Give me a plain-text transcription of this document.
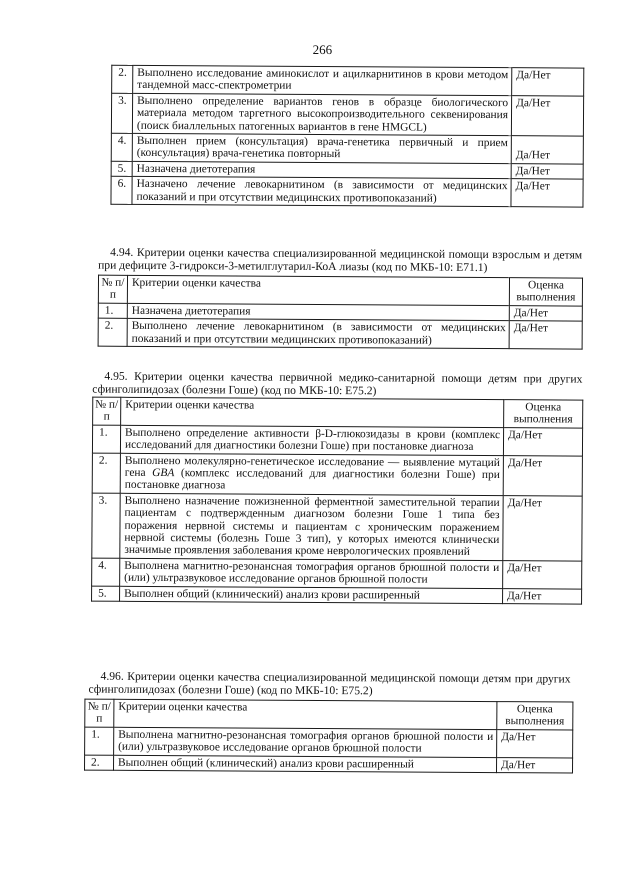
266
2.	Выполнено исследование аминокислот и ацилкарнитинов в крови методом тандемной масс-спектрометрии	Да/Нет
3.	Выполнено определение вариантов генов в образце биологического материала методом таргетного высокопроизводительного секвенирования (поиск биаллельных патогенных вариантов в гене HMGCL)	Да/Нет
4.	Выполнен прием (консультация) врача-генетика первичный и прием (консультация) врача-генетика повторный	Да/Нет
5.	Назначена диетотерапия	Да/Нет
6.	Назначено лечение левокарнитином (в зависимости от медицинских показаний и при отсутствии медицинских противопоказаний)	Да/Нет
4.94. Критерии оценки качества специализированной медицинской помощи взрослым и детям при дефиците 3-гидрокси-3-метилглутарил-КоА лиазы (код по МКБ-10: E71.1)
№ п/п	Критерии оценки качества	Оценка выполнения
1.	Назначена диетотерапия	Да/Нет
2.	Выполнено лечение левокарнитином (в зависимости от медицинских показаний и при отсутствии медицинских противопоказаний)	Да/Нет
4.95. Критерии оценки качества первичной медико-санитарной помощи детям при других сфинголипидозах (болезни Гоше) (код по МКБ-10: E75.2)
№ п/п	Критерии оценки качества	Оценка выполнения
1.	Выполнено определение активности β-D-глюкозидазы в крови (комплекс исследований для диагностики болезни Гоше) при постановке диагноза	Да/Нет
2.	Выполнено молекулярно-генетическое исследование — выявление мутаций гена GBA (комплекс исследований для диагностики болезни Гоше) при постановке диагноза	Да/Нет
3.	Выполнено назначение пожизненной ферментной заместительной терапии пациентам с подтвержденным диагнозом болезни Гоше 1 типа без поражения нервной системы и пациентам с хроническим поражением нервной системы (болезнь Гоше 3 тип), у которых имеются клинически значимые проявления заболевания кроме неврологических проявлений	Да/Нет
4.	Выполнена магнитно-резонансная томография органов брюшной полости и (или) ультразвуковое исследование органов брюшной полости	Да/Нет
5.	Выполнен общий (клинический) анализ крови расширенный	Да/Нет
4.96. Критерии оценки качества специализированной медицинской помощи детям при других сфинголипидозах (болезни Гоше) (код по МКБ-10: E75.2)
№ п/п	Критерии оценки качества	Оценка выполнения
1.	Выполнена магнитно-резонансная томография органов брюшной полости и (или) ультразвуковое исследование органов брюшной полости	Да/Нет
2.	Выполнен общий (клинический) анализ крови расширенный	Да/Нет
